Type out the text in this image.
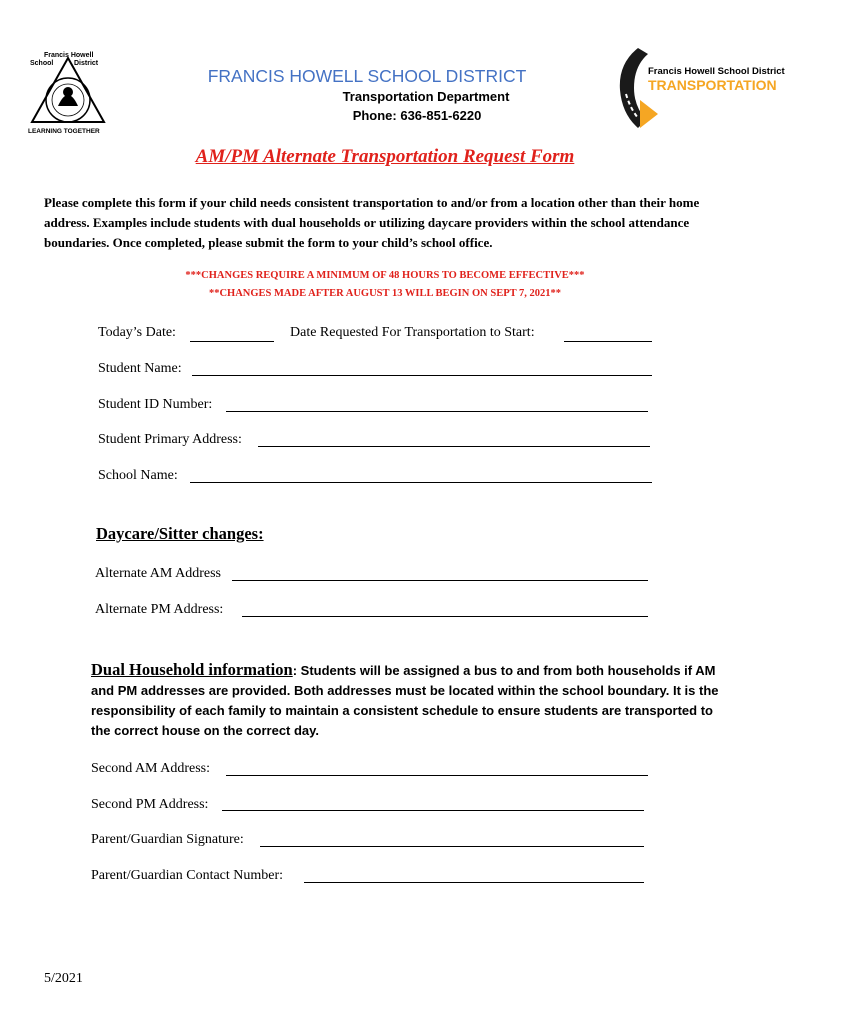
Francis Howell
School	District
LEARNING TOGETHER
Francis Howell School District
TRANSPORTATION
FRANCIS HOWELL SCHOOL DISTRICT
Transportation Department
Phone: 636-851-6220
AM/PM Alternate Transportation Request Form
Please complete this form if your child needs consistent transportation to and/or from a location other than their home address. Examples include students with dual households or utilizing daycare providers within the school attendance boundaries. Once completed, please submit the form to your child’s school office.
***CHANGES REQUIRE A MINIMUM OF 48 HOURS TO BECOME EFFECTIVE***
**CHANGES MADE AFTER AUGUST 13 WILL BEGIN ON SEPT 7, 2021**
Today’s Date:	Date Requested For Transportation to Start:
Student Name:
Student ID Number:
Student Primary Address:
School Name:
Daycare/Sitter changes:
Alternate AM Address
Alternate PM Address:
Dual Household information: Students will be assigned a bus to and from both households if AM and PM addresses are provided. Both addresses must be located within the school boundary. It is the responsibility of each family to maintain a consistent schedule to ensure students are transported to the correct house on the correct day.
Second AM Address:
Second PM Address:
Parent/Guardian Signature:
Parent/Guardian Contact Number:
5/2021
